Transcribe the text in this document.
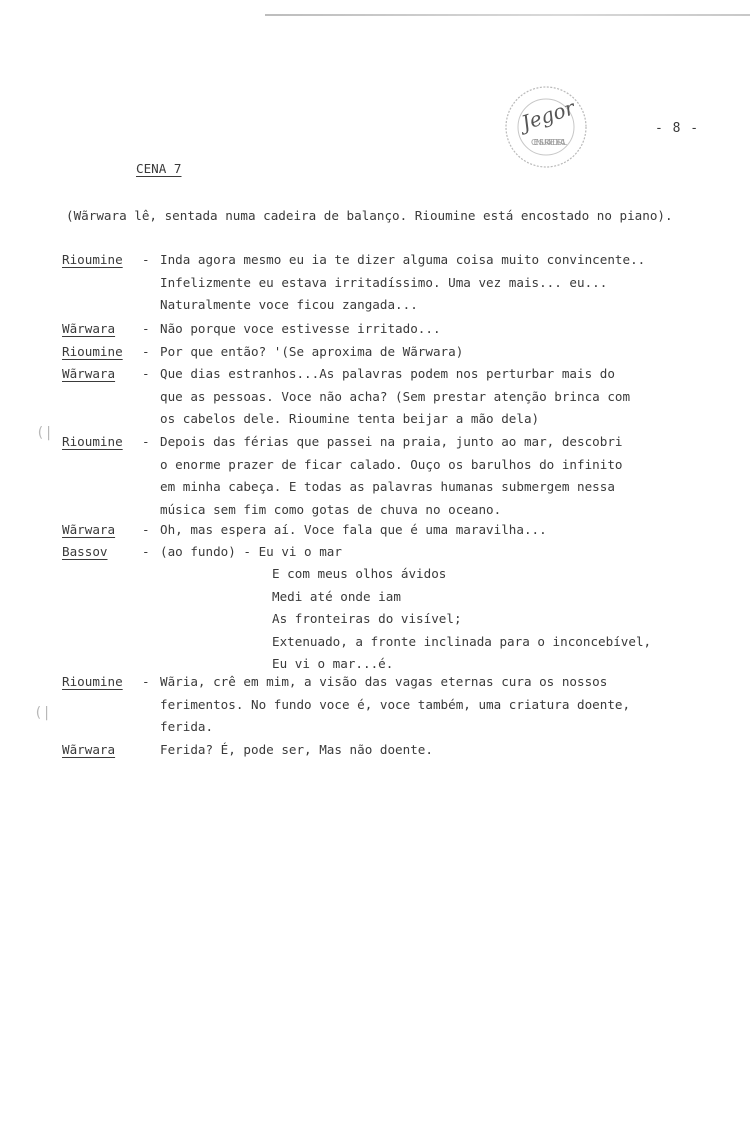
CENSURA FEDERAL
Jegor	- 8 -
CENA 7
(Wãrwara lê, sentada numa cadeira de balanço. Rioumine está encostado no piano).
Rioumine - Inda agora mesmo eu ia te dizer alguma coisa muito convincente..
Infelizmente eu estava irritadíssimo. Uma vez mais... eu...
Naturalmente voce ficou zangada...
Wãrwara - Não porque voce estivesse irritado...
Rioumine - Por que então? '(Se aproxima de Wãrwara)
Wãrwara - Que dias estranhos...As palavras podem nos perturbar mais do
que as pessoas. Voce não acha? (Sem prestar atenção brinca com
os cabelos dele. Rioumine tenta beijar a mão dela)
Rioumine - Depois das férias que passei na praia, junto ao mar, descobri
o enorme prazer de ficar calado. Ouço os barulhos do infinito
em minha cabeça. E todas as palavras humanas submergem nessa
música sem fim como gotas de chuva no oceano.
Wãrwara - Oh, mas espera aí. Voce fala que é uma maravilha...
Bassov	- (ao fundo) - Eu vi o mar
E com meus olhos ávidos
Medi até onde iam
As fronteiras do visível;
Extenuado, a fronte inclinada para o inconcebível,
Eu vi o mar...é.
Rioumine - Wãria, crê em mim, a visão das vagas eternas cura os nossos
ferimentos. No fundo voce é, voce também, uma criatura doente,
ferida.
Wãrwara	Ferida? É, pode ser, Mas não doente.
(|
(|
